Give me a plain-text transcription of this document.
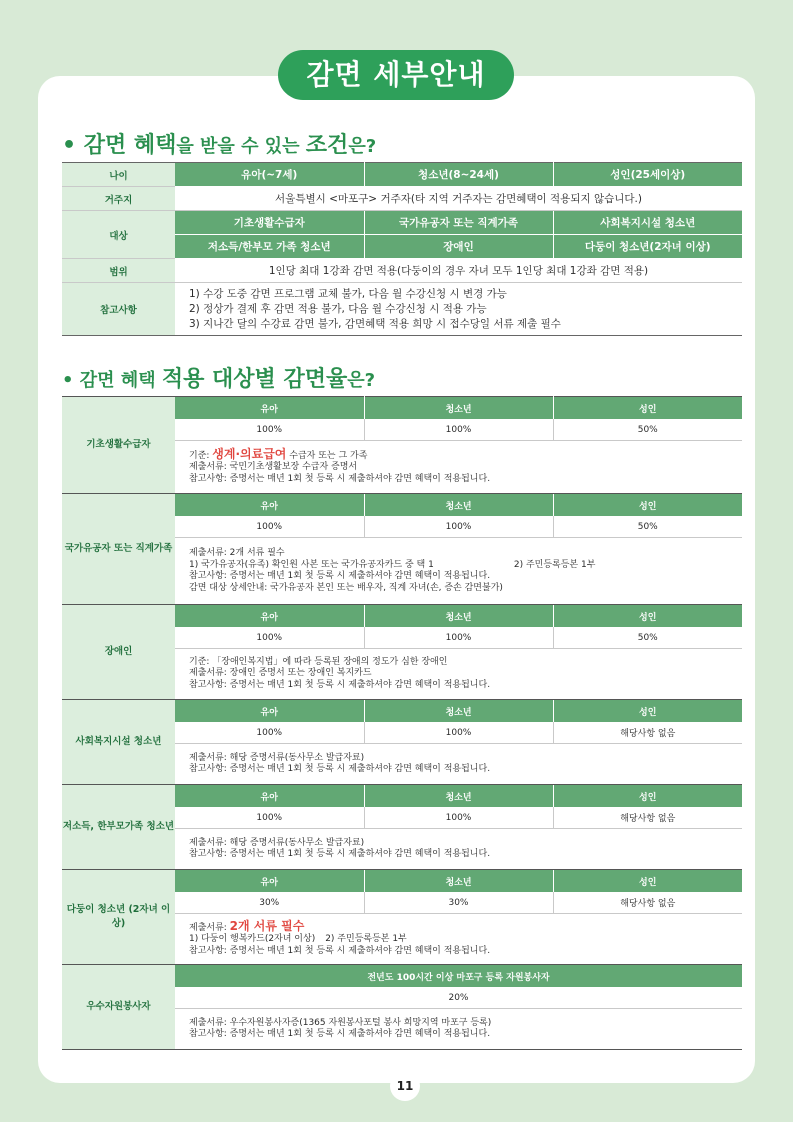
감면 세부안내
• 감면 혜택을 받을 수 있는 조건은?
나이	유아(~7세)	청소년(8~24세)	성인(25세이상)
거주지	서울특별시 <마포구> 거주자(타 지역 거주자는 감면혜택이 적용되지 않습니다.)		
대상	기초생활수급자	국가유공자 또는 직계가족	사회복지시설 청소년
	저소득/한부모 가족 청소년	장애인	다둥이 청소년(2자녀 이상)
범위	1인당 최대 1강좌 감면 적용(다둥이의 경우 자녀 모두 1인당 최대 1강좌 감면 적용)		
참고사항	1) 수강 도중 감면 프로그램 교체 불가, 다음 월 수강신청 시 변경 가능
2) 정상가 결제 후 감면 적용 불가, 다음 월 수강신청 시 적용 가능
3) 지나간 달의 수강료 감면 불가, 감면혜택 적용 희망 시 접수당일 서류 제출 필수		
• 감면 혜택 적용 대상별 감면율은?
기초생활수급자	유아	청소년	성인
	100%	100%	50%

	기준: 생계·의료급여 수급자 또는 그 가족
제출서류: 국민기초생활보장 수급자 증명서
참고사항: 증명서는 매년 1회 첫 등록 시 제출하셔야 감면 혜택이 적용됩니다.		

국가유공자 또는 직계가족	유아	청소년	성인
	100%	100%	50%

	제출서류: 2개 서류 필수
1) 국가유공자(유족) 확인원 사본 또는 국가유공자카드 중 택 1 2) 주민등록등본 1부
참고사항: 증명서는 매년 1회 첫 등록 시 제출하셔야 감면 혜택이 적용됩니다.
감면 대상 상세안내: 국가유공자 본인 또는 배우자, 직계 자녀(손, 증손 감면불가)		

장애인	유아	청소년	성인
	100%	100%	50%

	기준: 「장애인복지법」에 따라 등록된 장애의 정도가 심한 장애인
제출서류: 장애인 증명서 또는 장애인 복지카드
참고사항: 증명서는 매년 1회 첫 등록 시 제출하셔야 감면 혜택이 적용됩니다.		

사회복지시설 청소년	유아	청소년	성인
	100%	100%	해당사항 없음

	제출서류: 해당 증명서류(동사무소 발급자료)
참고사항: 증명서는 매년 1회 첫 등록 시 제출하셔야 감면 혜택이 적용됩니다.		

저소득, 한부모가족 청소년	유아	청소년	성인
	100%	100%	해당사항 없음

	제출서류: 해당 증명서류(동사무소 발급자료)
참고사항: 증명서는 매년 1회 첫 등록 시 제출하셔야 감면 혜택이 적용됩니다.		

다둥이 청소년 (2자녀 이상)	유아	청소년	성인
	30%	30%	해당사항 없음

	제출서류: 2개 서류 필수
1) 다둥이 행복카드(2자녀 이상) 2) 주민등록등본 1부
참고사항: 증명서는 매년 1회 첫 등록 시 제출하셔야 감면 혜택이 적용됩니다.		

우수자원봉사자	전년도 100시간 이상 마포구 등록 자원봉사자		
	20%		

	제출서류: 우수자원봉사자증(1365 자원봉사포털 봉사 희망지역 마포구 등록)
참고사항: 증명서는 매년 1회 첫 등록 시 제출하셔야 감면 혜택이 적용됩니다.		
11
